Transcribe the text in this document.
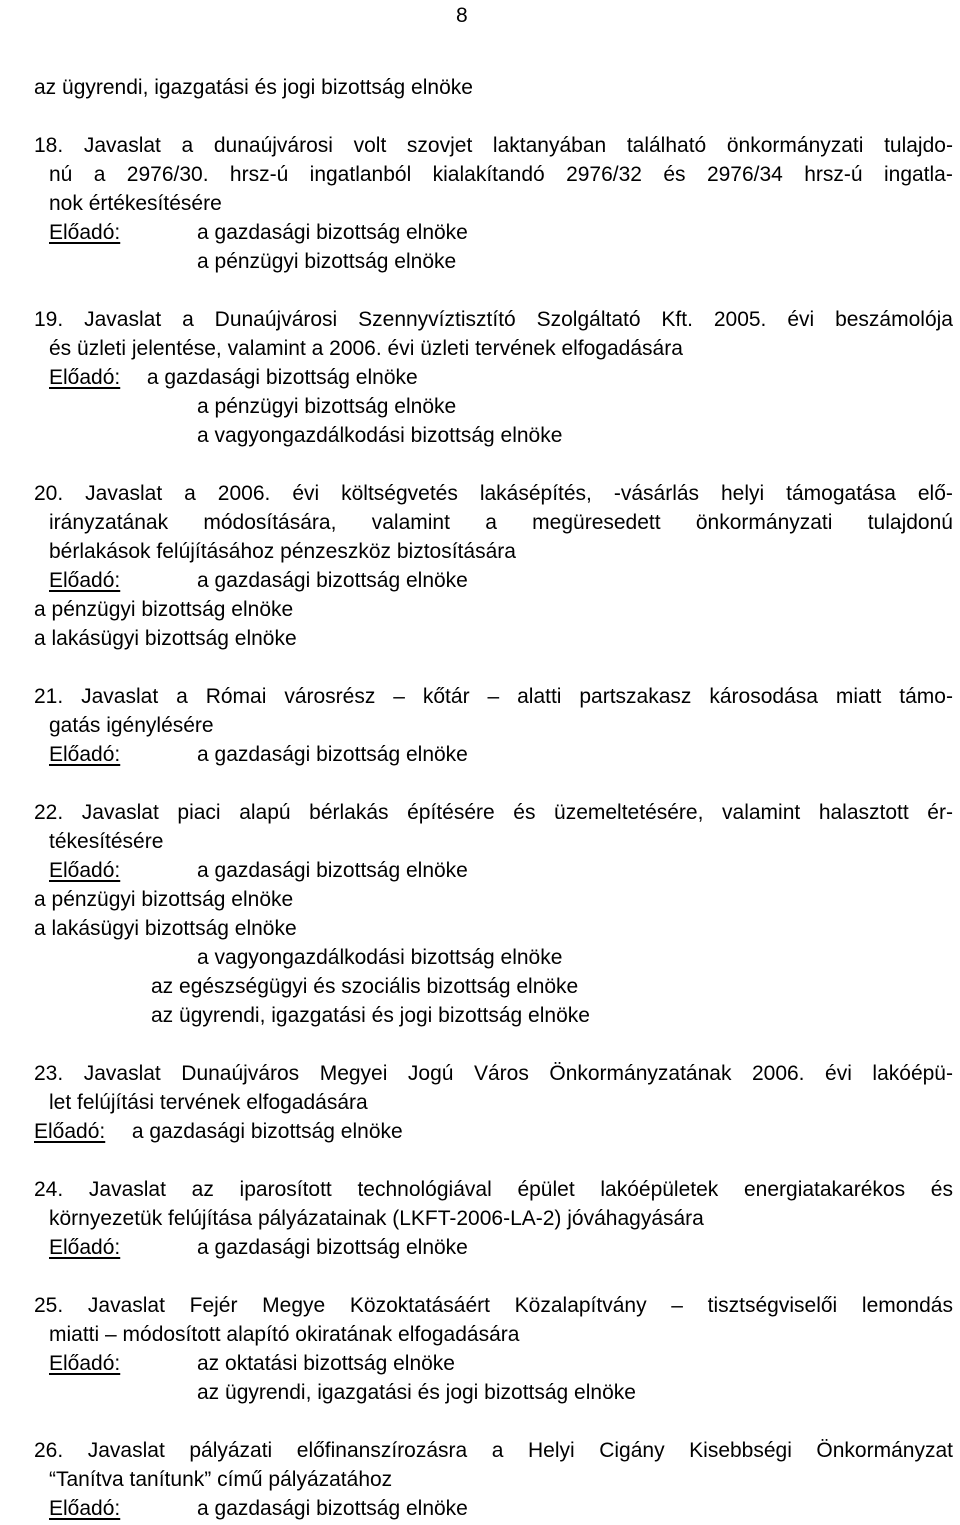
8
az ügyrendi, igazgatási és jogi bizottság elnöke
18. Javaslat a dunaújvárosi volt szovjet laktanyában található önkormányzati tulajdo-
nú a 2976/30. hrsz-ú ingatlanból kialakítandó 2976/32 és 2976/34 hrsz-ú ingatla-
nok értékesítésére
Előadó:	a gazdasági bizottság elnöke
a pénzügyi bizottság elnöke
19. Javaslat a Dunaújvárosi Szennyvíztisztító Szolgáltató Kft. 2005. évi beszámolója
és üzleti jelentése, valamint a 2006. évi üzleti tervének elfogadására
Előadó: a gazdasági bizottság elnöke
a pénzügyi bizottság elnöke
a vagyongazdálkodási bizottság elnöke
20. Javaslat a 2006. évi költségvetés lakásépítés, -vásárlás helyi támogatása elő-
irányzatának módosítására, valamint a megüresedett önkormányzati tulajdonú
bérlakások felújításához pénzeszköz biztosítására
Előadó:	a gazdasági bizottság elnöke
a pénzügyi bizottság elnöke
a lakásügyi bizottság elnöke
21. Javaslat a Római városrész – kőtár – alatti partszakasz károsodása miatt támo-
gatás igénylésére
Előadó:	a gazdasági bizottság elnöke
22. Javaslat piaci alapú bérlakás építésére és üzemeltetésére, valamint halasztott ér-
tékesítésére
Előadó:	a gazdasági bizottság elnöke
a pénzügyi bizottság elnöke
a lakásügyi bizottság elnöke
a vagyongazdálkodási bizottság elnöke
az egészségügyi és szociális bizottság elnöke
az ügyrendi, igazgatási és jogi bizottság elnöke
23. Javaslat Dunaújváros Megyei Jogú Város Önkormányzatának 2006. évi lakóépü-
let felújítási tervének elfogadására
Előadó: a gazdasági bizottság elnöke
24. Javaslat az iparosított technológiával épület lakóépületek energiatakarékos és
környezetük felújítása pályázatainak (LKFT-2006-LA-2) jóváhagyására
Előadó:	a gazdasági bizottság elnöke
25. Javaslat Fejér Megye Közoktatásáért Közalapítvány – tisztségviselői lemondás
miatti – módosított alapító okiratának elfogadására
Előadó:	az oktatási bizottság elnöke
az ügyrendi, igazgatási és jogi bizottság elnöke
26. Javaslat pályázati előfinanszírozásra a Helyi Cigány Kisebbségi Önkormányzat
“Tanítva tanítunk” című pályázatához
Előadó:	a gazdasági bizottság elnöke
